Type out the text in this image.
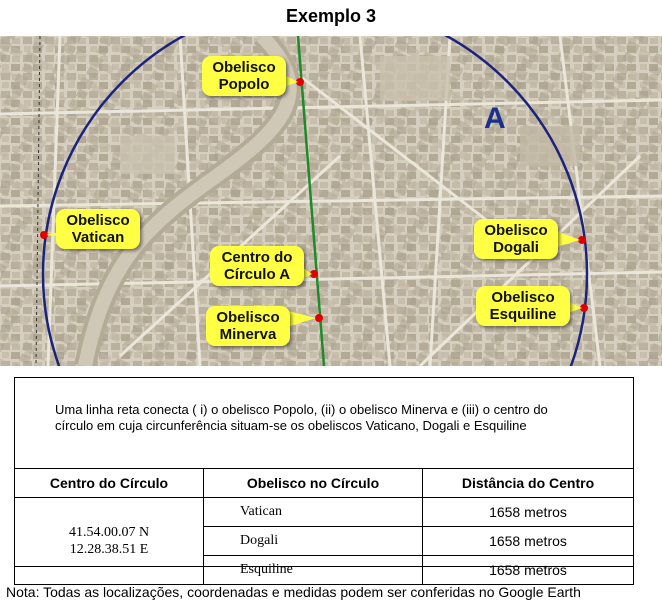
Exemplo 3
A
Obelisco
Popolo
Obelisco
Vatican
Centro do
Círculo A
Obelisco
Minerva
Obelisco
Dogali
Obelisco
Esquiline
Uma linha reta conecta ( i) o obelisco Popolo, (ii) o obelisco Minerva e (iii) o centro do círculo em cuja circunferência situam-se os obeliscos Vaticano, Dogali e Esquiline
Centro do Círculo	Obelisco no Círculo	Distância do Centro

41.54.00.07 N
12.28.38.51 E	Vatican	1658 metros
	Dogali	1658 metros
	Esquiline	1658 metros
Nota: Todas as localizações, coordenadas e medidas podem ser conferidas no Google Earth
